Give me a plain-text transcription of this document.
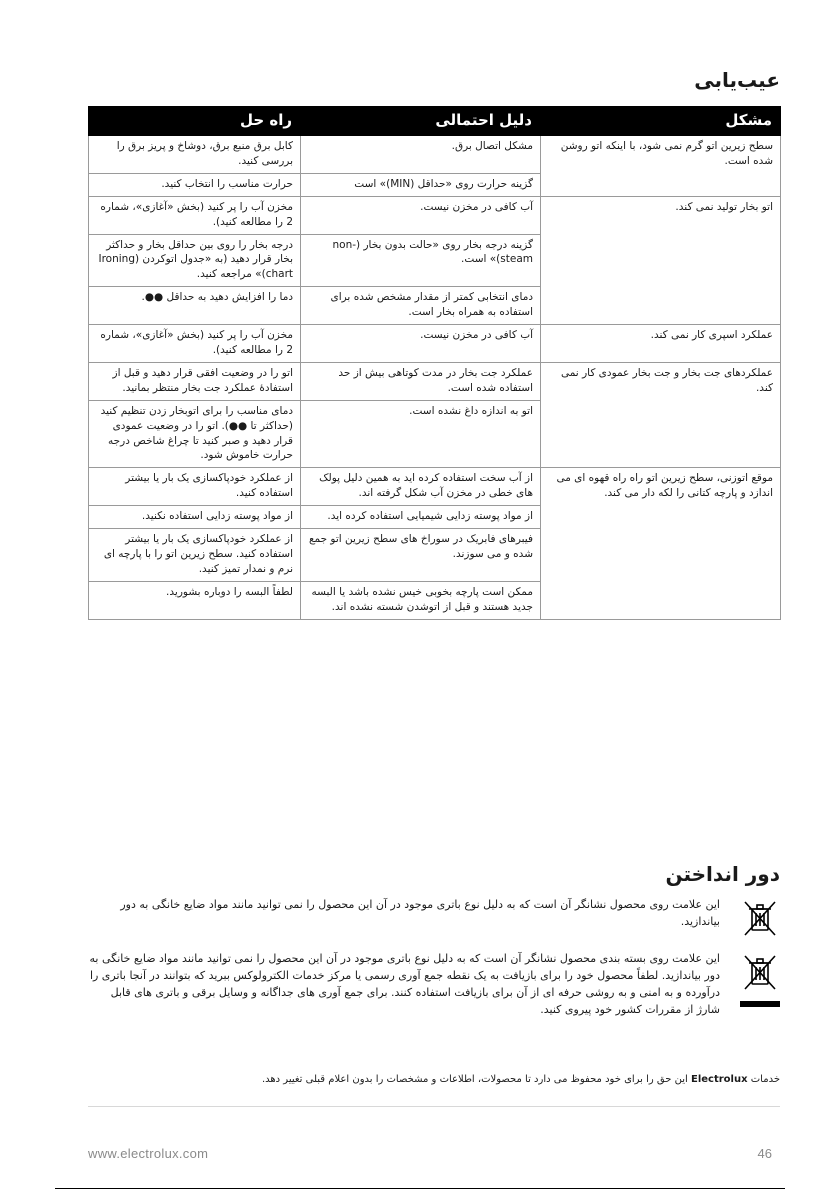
عیب‌یابی
مشکل	دلیل احتمالی	راه حل
سطح زیرین اتو گرم نمی شود، با اینکه اتو روشن شده است.	مشکل اتصال برق.	کابل برق منبع برق، دوشاخ و پریز برق را بررسی کنید.
	گزینه حرارت روی «حداقل (MIN)» است	حرارت مناسب را انتخاب کنید.
اتو بخار تولید نمی کند.	آب کافی در مخزن نیست.	مخزن آب را پر کنید (بخش «آغازی»، شماره 2 را مطالعه کنید).
	گزینه درجه بخار روی «حالت بدون بخار (non-steam)» است.	درجه بخار را روی بین حداقل بخار و حداکثر بخار قرار دهید (به «جدول اتوکردن (Ironing chart)» مراجعه کنید.
	دمای انتخابی کمتر از مقدار مشخص شده برای استفاده به همراه بخار است.	دما را افزایش دهید به حداقل ●●.
عملکرد اسپری کار نمی کند.	آب کافی در مخزن نیست.	مخزن آب را پر کنید (بخش «آغازی»، شماره 2 را مطالعه کنید).
عملکردهای جت بخار و جت بخار عمودی کار نمی کند.	عملکرد جت بخار در مدت کوتاهی بیش از حد استفاده شده است.	اتو را در وضعیت افقی قرار دهید و قبل از استفادۀ عملکرد جت بخار منتظر بمانید.
	اتو به اندازه داغ نشده است.	دمای مناسب را برای اتوبخار زدن تنظیم کنید (حداکثر تا ●●). اتو را در وضعیت عمودی قرار دهید و صبر کنید تا چراغ شاخص درجه حرارت خاموش شود.
موقع اتوزنی، سطح زیرین اتو راه راه قهوه ای می اندازد و پارچه کتانی را لکه دار می کند.	از آب سخت استفاده کرده اید به همین دلیل پولک های خطی در مخزن آب شکل گرفته اند.	از عملکرد خودپاکسازی یک بار یا بیشتر استفاده کنید.
	از مواد پوسته زدایی شیمیایی استفاده کرده اید.	از مواد پوسته زدایی استفاده نکنید.
	فیبرهای فابریک در سوراخ های سطح زیرین اتو جمع شده و می سوزند.	از عملکرد خودپاکسازی یک بار یا بیشتر استفاده کنید. سطح زیرین اتو را با پارچه ای نرم و نمدار تمیز کنید.
	ممکن است پارچه بخوبی خیس نشده باشد یا البسه جدید هستند و قبل از اتوشدن شسته نشده اند.	لطفاً البسه را دوباره بشورید.
دور انداختن
این علامت روی محصول نشانگر آن است که به دلیل نوع باتری موجود در آن این محصول را نمی توانید مانند مواد ضایع خانگی به دور بیاندازید.
این علامت روی بسته بندی محصول نشانگر آن است که به دلیل نوع باتری موجود در آن این محصول را نمی توانید مانند مواد ضایع خانگی به دور بیاندازید. لطفاً محصول خود را برای بازیافت به یک نقطه جمع آوری رسمی یا مرکز خدمات الکترولوکس ببرید که بتوانند در آنجا باتری را درآورده و به امنی و به روشی حرفه ای از آن برای بازیافت استفاده کنند. برای جمع آوری های جداگانه و وسایل برقی و باتری های قابل شارژ از مقررات کشور خود پیروی کنید.
خدمات Electrolux این حق را برای خود محفوظ می دارد تا محصولات، اطلاعات و مشخصات را بدون اعلام قبلی تغییر دهد.
www.electrolux.com	46
